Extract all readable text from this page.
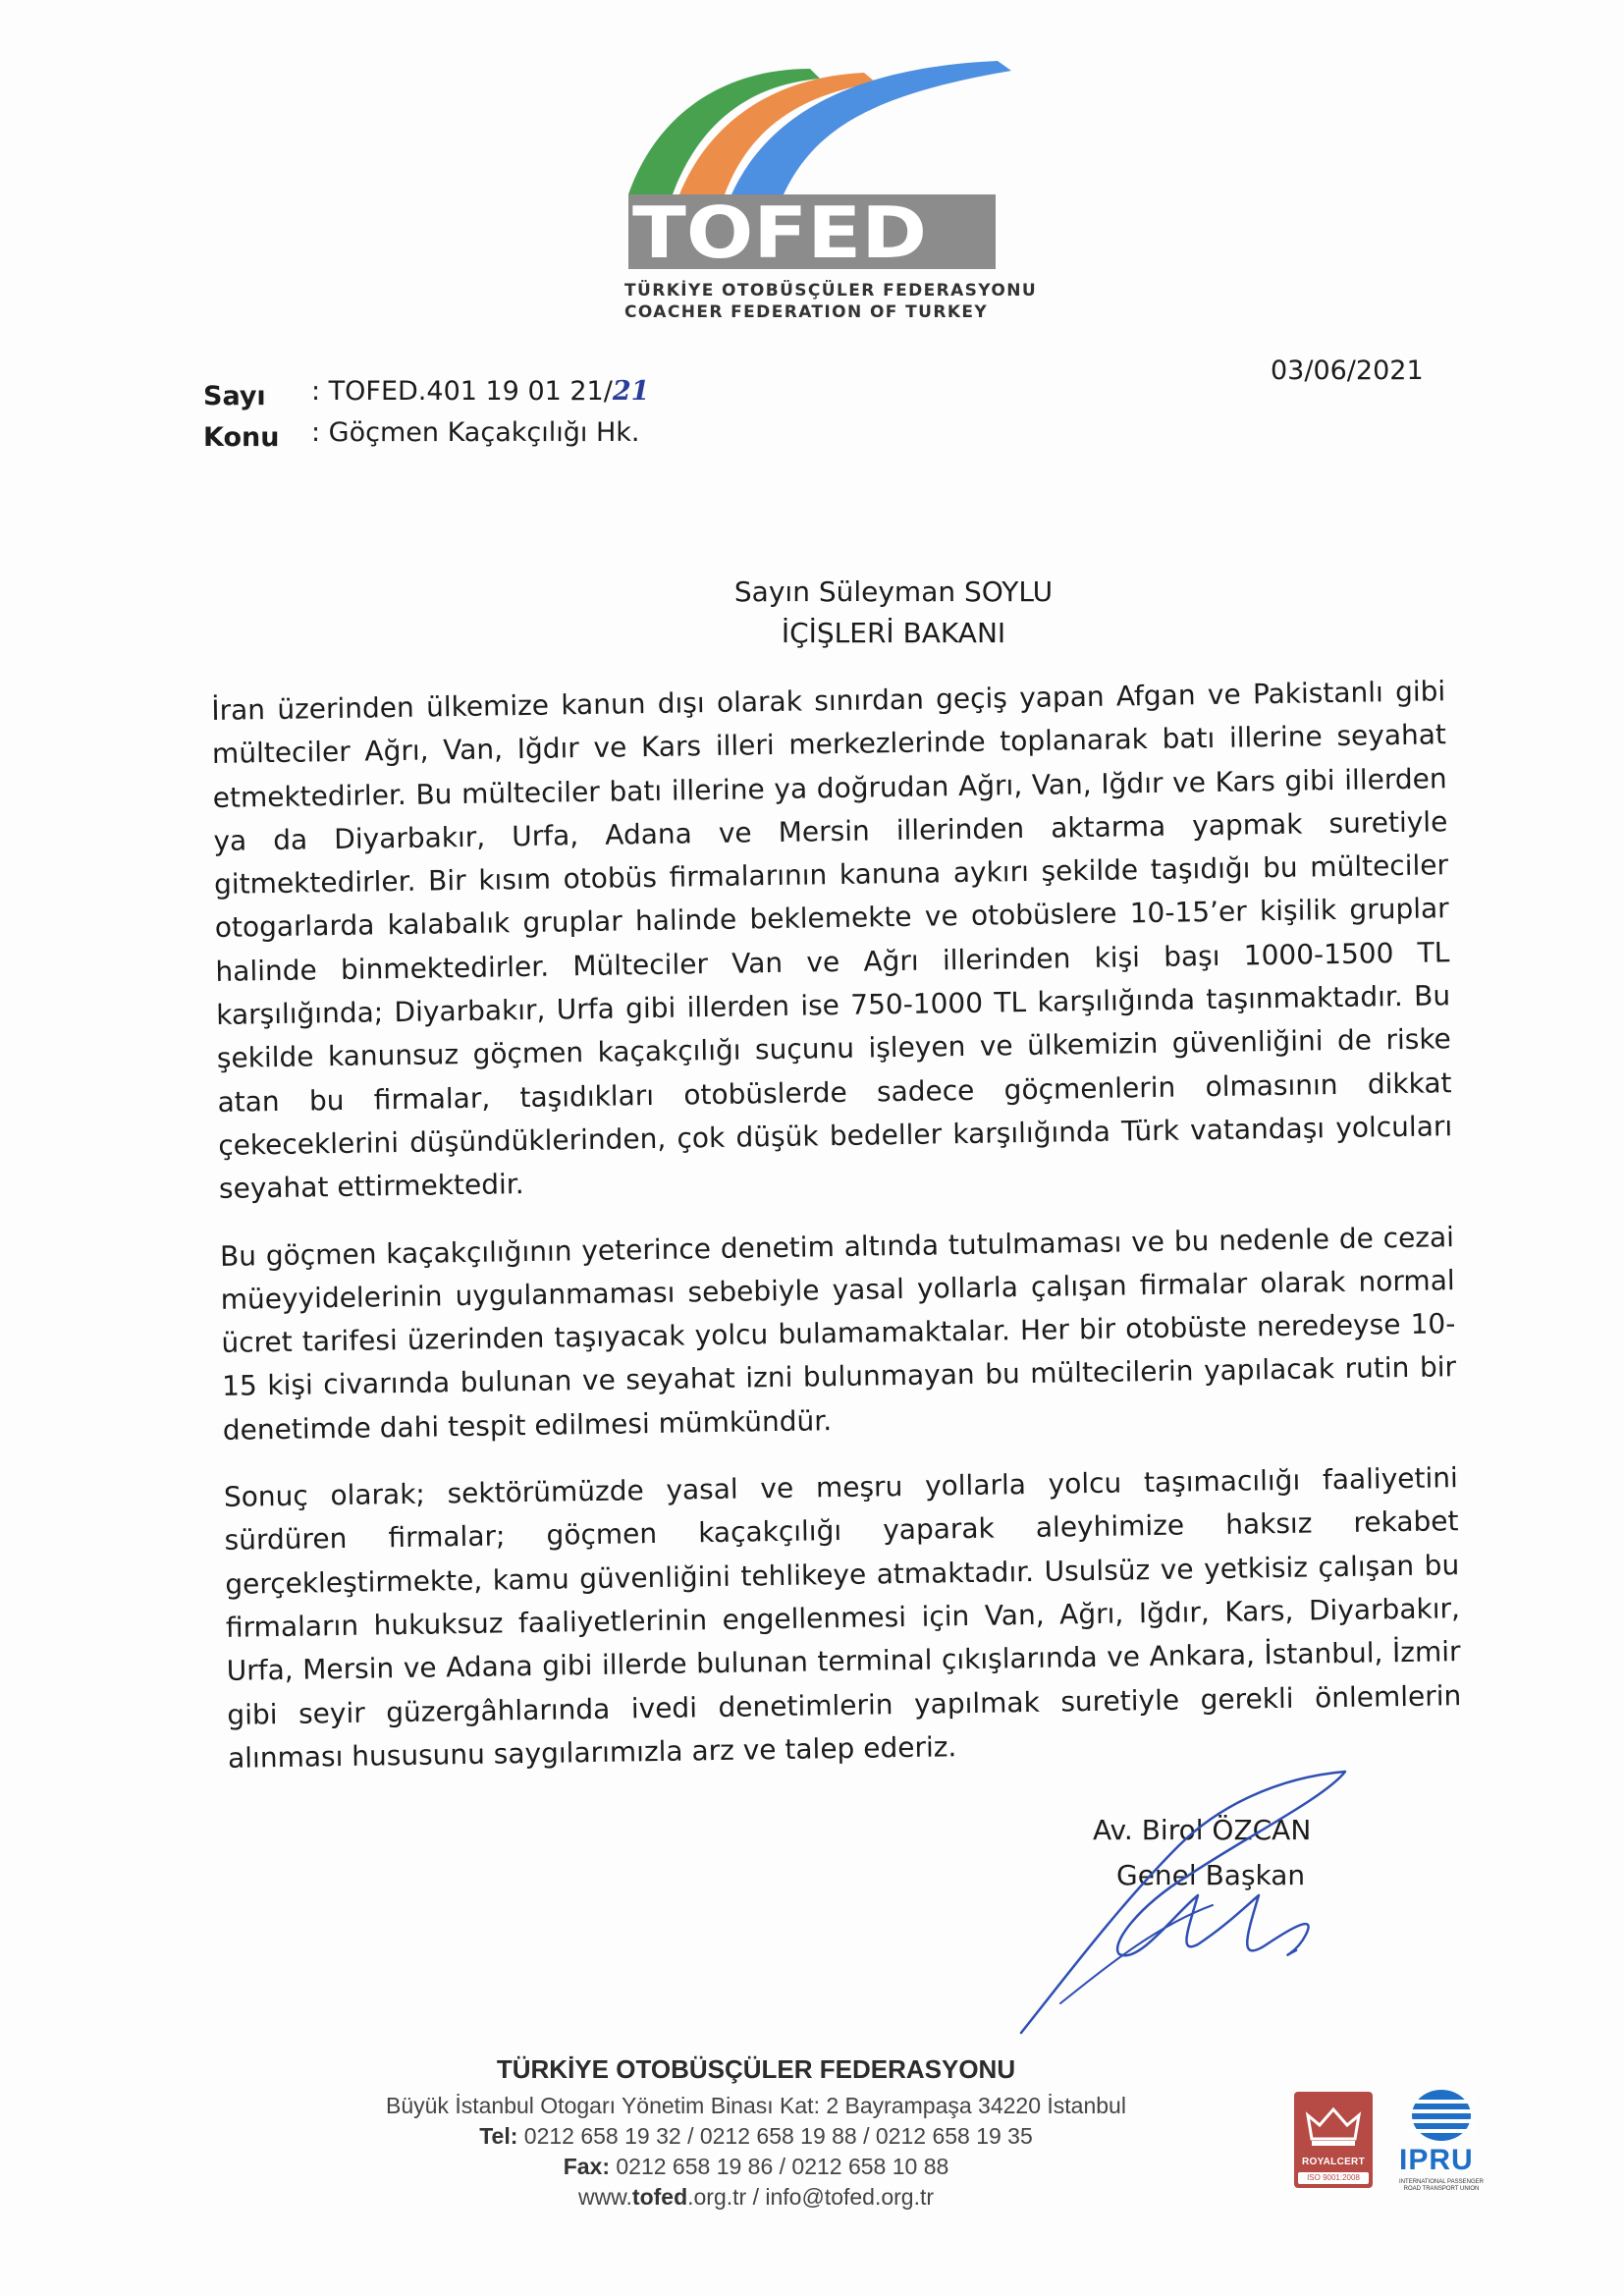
TOFED
TÜRKİYE OTOBÜSÇÜLER FEDERASYONU
COACHER FEDERATION OF TURKEY
Sayı : TOFED.401 19 01 21/21
Konu : Göçmen Kaçakçılığı Hk.
03/06/2021
Sayın Süleyman SOYLU
İÇİŞLERİ BAKANI

İran üzerinden ülkemize kanun dışı olarak sınırdan geçiş yapan Afgan ve Pakistanlı gibi mülteciler Ağrı, Van, Iğdır ve Kars illeri merkezlerinde toplanarak batı illerine seyahat etmektedirler. Bu mülteciler batı illerine ya doğrudan Ağrı, Van, Iğdır ve Kars gibi illerden ya da Diyarbakır, Urfa, Adana ve Mersin illerinden aktarma yapmak suretiyle gitmektedirler. Bir kısım otobüs firmalarının kanuna aykırı şekilde taşıdığı bu mülteciler otogarlarda kalabalık gruplar halinde beklemekte ve otobüslere 10-15’er kişilik gruplar halinde binmektedirler. Mülteciler Van ve Ağrı illerinden kişi başı 1000-1500 TL karşılığında; Diyarbakır, Urfa gibi illerden ise 750-1000 TL karşılığında taşınmaktadır. Bu şekilde kanunsuz göçmen kaçakçılığı suçunu işleyen ve ülkemizin güvenliğini de riske atan bu firmalar, taşıdıkları otobüslerde sadece göçmenlerin olmasının dikkat çekeceklerini düşündüklerinden, çok düşük bedeller karşılığında Türk vatandaşı yolcuları seyahat ettirmektedir.

Bu göçmen kaçakçılığının yeterince denetim altında tutulmaması ve bu nedenle de cezai müeyyidelerinin uygulanmaması sebebiyle yasal yollarla çalışan firmalar olarak normal ücret tarifesi üzerinden taşıyacak yolcu bulamamaktalar. Her bir otobüste neredeyse 10-15 kişi civarında bulunan ve seyahat izni bulunmayan bu mültecilerin yapılacak rutin bir denetimde dahi tespit edilmesi mümkündür.

Sonuç olarak; sektörümüzde yasal ve meşru yollarla yolcu taşımacılığı faaliyetini sürdüren firmalar; göçmen kaçakçılığı yaparak aleyhimize haksız rekabet gerçekleştirmekte, kamu güvenliğini tehlikeye atmaktadır. Usulsüz ve yetkisiz çalışan bu firmaların hukuksuz faaliyetlerinin engellenmesi için Van, Ağrı, Iğdır, Kars, Diyarbakır, Urfa, Mersin ve Adana gibi illerde bulunan terminal çıkışlarında ve Ankara, İstanbul, İzmir gibi seyir güzergâhlarında ivedi denetimlerin yapılmak suretiyle gerekli önlemlerin alınması hususunu saygılarımızla arz ve talep ederiz.

Av. Birol ÖZCAN
Genel Başkan
TÜRKİYE OTOBÜSÇÜLER FEDERASYONU
Büyük İstanbul Otogarı Yönetim Binası Kat: 2 Bayrampaşa 34220 İstanbul
Tel: 0212 658 19 32 / 0212 658 19 88 / 0212 658 19 35
Fax: 0212 658 19 86 / 0212 658 10 88
www.tofed.org.tr / info@tofed.org.tr
ROYALCERT
ISO 9001:2008
IPRU
INTERNATIONAL PASSENGER ROAD TRANSPORT UNION
